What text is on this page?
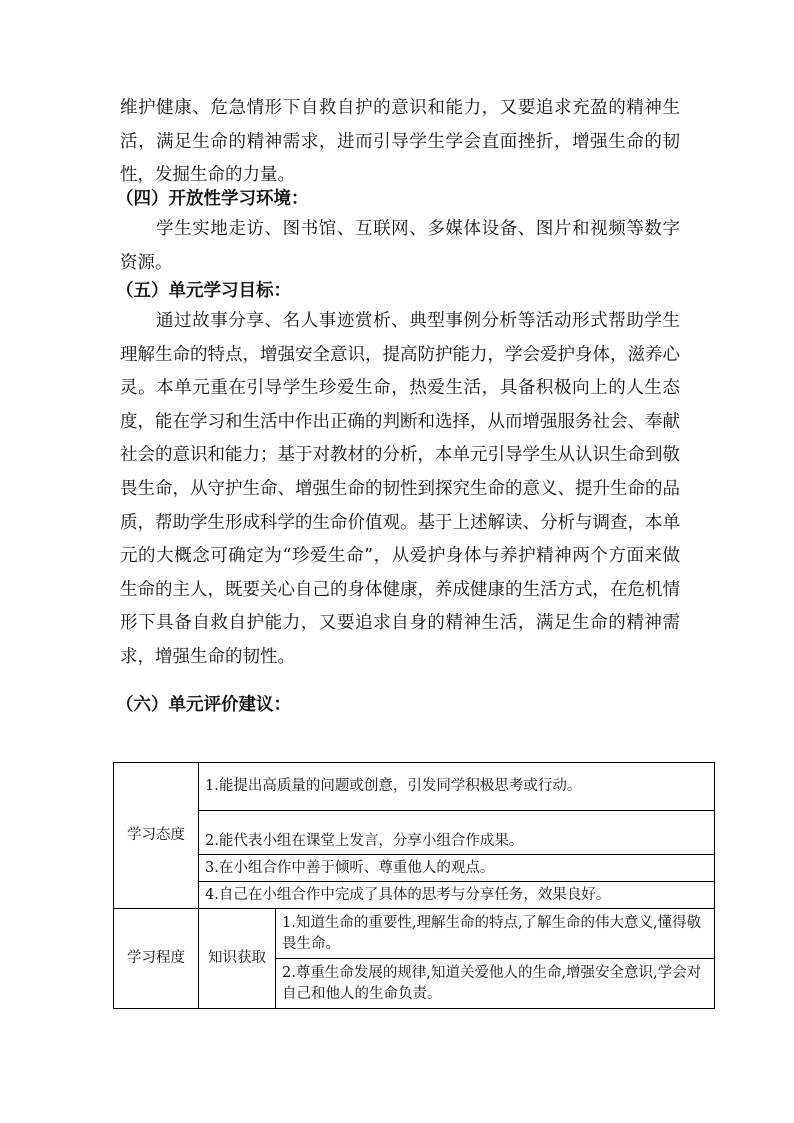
维护健康、危急情形下自救自护的意识和能力，又要追求充盈的精神生活，满足生命的精神需求，进而引导学生学会直面挫折，增强生命的韧性，发掘生命的力量。

（四）开放性学习环境：

学生实地走访、图书馆、互联网、多媒体设备、图片和视频等数字资源。

（五）单元学习目标：

通过故事分享、名人事迹赏析、典型事例分析等活动形式帮助学生理解生命的特点，增强安全意识，提高防护能力，学会爱护身体，滋养心灵。本单元重在引导学生珍爱生命，热爱生活，具备积极向上的人生态度，能在学习和生活中作出正确的判断和选择，从而增强服务社会、奉献社会的意识和能力；基于对教材的分析，本单元引导学生从认识生命到敬畏生命，从守护生命、增强生命的韧性到探究生命的意义、提升生命的品质，帮助学生形成科学的生命价值观。基于上述解读、分析与调查，本单元的大概念可确定为“珍爱生命”，从爱护身体与养护精神两个方面来做生命的主人，既要关心自己的身体健康，养成健康的生活方式，在危机情形下具备自救自护能力，又要追求自身的精神生活，满足生命的精神需求，增强生命的韧性。

（六）单元评价建议：

学习态度	1.能提出高质量的问题或创意，引发同学积极思考或行动。	
	2.能代表小组在课堂上发言，分享小组合作成果。	
	3.在小组合作中善于倾听、尊重他人的观点。	
	4.自己在小组合作中完成了具体的思考与分享任务，效果良好。	
学习程度	知识获取	1.知道生命的重要性,理解生命的特点,了解生命的伟大意义,懂得敬畏生命。
		2.尊重生命发展的规律,知道关爱他人的生命,增强安全意识,学会对自己和他人的生命负责。
